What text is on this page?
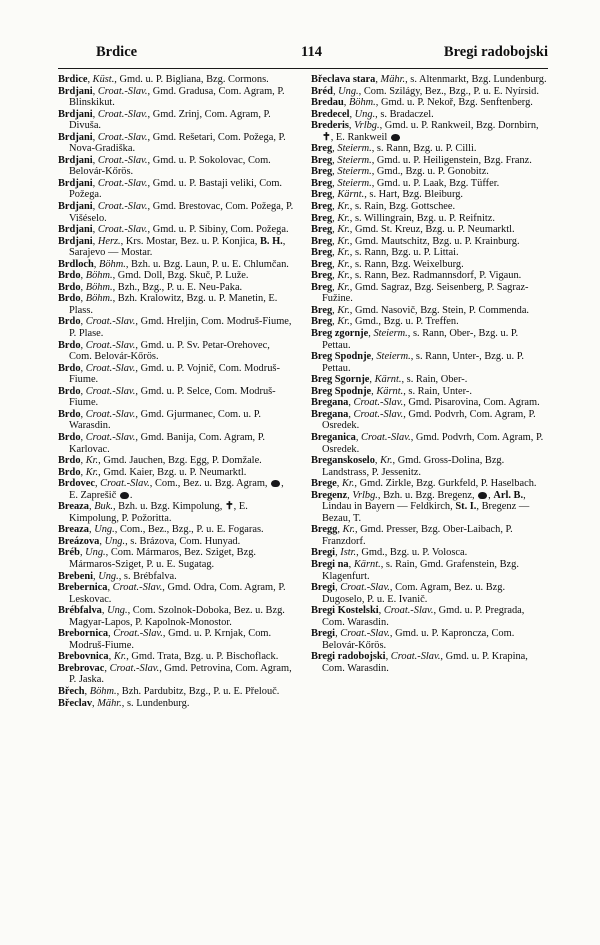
Brdice	114	Bregi radobojski

Brdice, Küst., Gmd. u. P. Bigliana, Bzg. Cormons.

Brdjani, Croat.-Slav., Gmd. Gradusa, Com. Agram, P. Blinskikut.

Brdjani, Croat.-Slav., Gmd. Zrinj, Com. Agram, P. Divuša.

Brdjani, Croat.-Slav., Gmd. Rešetari, Com. Požega, P. Nova-Gradiška.

Brdjani, Croat.-Slav., Gmd. u. P. Sokolovac, Com. Belovár-Kőrös.

Brdjani, Croat.-Slav., Gmd. u. P. Bastaji veliki, Com. Požega.

Brdjani, Croat.-Slav., Gmd. Brestovac, Com. Požega, P. Višéselo.

Brdjani, Croat.-Slav., Gmd. u. P. Sibiny, Com. Požega.

Brdjani, Herz., Krs. Mostar, Bez. u. P. Konjica, B. H., Sarajevo — Mostar.

Brdloch, Böhm., Bzh. u. Bzg. Laun, P. u. E. Chlumčan.

Brdo, Böhm., Gmd. Doll, Bzg. Skuč, P. Luže.

Brdo, Böhm., Bzh., Bzg., P. u. E. Neu-Paka.

Brdo, Böhm., Bzh. Kralowitz, Bzg. u. P. Manetin, E. Plass.

Brdo, Croat.-Slav., Gmd. Hreljin, Com. Modruš-Fiume, P. Plase.

Brdo, Croat.-Slav., Gmd. u. P. Sv. Petar-Orehovec, Com. Belovár-Kőrös.

Brdo, Croat.-Slav., Gmd. u. P. Vojnič, Com. Modruš-Fiume.

Brdo, Croat.-Slav., Gmd. u. P. Selce, Com. Modruš-Fiume.

Brdo, Croat.-Slav., Gmd. Gjurmanec, Com. u. P. Warasdin.

Brdo, Croat.-Slav., Gmd. Banija, Com. Agram, P. Karlovac.

Brdo, Kr., Gmd. Jauchen, Bzg. Egg, P. Domžale.

Brdo, Kr., Gmd. Kaier, Bzg. u. P. Neumarktl.

Brdovec, Croat.-Slav., Com., Bez. u. Bzg. Agram, , E. Zaprešič .

Breaza, Buk., Bzh. u. Bzg. Kimpolung, ✝, E. Kimpolung, P. Požoritta.

Breaza, Ung., Com., Bez., Bzg., P. u. E. Fogaras.

Breázova, Ung., s. Brázova, Com. Hunyad.

Bréb, Ung., Com. Mármaros, Bez. Sziget, Bzg. Mármaros-Sziget, P. u. E. Sugatag.

Brebeni, Ung., s. Brébfalva.

Brebernica, Croat.-Slav., Gmd. Odra, Com. Agram, P. Leskovac.

Brébfalva, Ung., Com. Szolnok-Doboka, Bez. u. Bzg. Magyar-Lapos, P. Kapolnok-Monostor.

Brebornica, Croat.-Slav., Gmd. u. P. Krnjak, Com. Modruš-Fiume.

Brebovnica, Kr., Gmd. Trata, Bzg. u. P. Bischoflack.

Brebrovac, Croat.-Slav., Gmd. Petrovina, Com. Agram, P. Jaska.

Břech, Böhm., Bzh. Pardubitz, Bzg., P. u. E. Přelouč.

Břeclav, Mähr., s. Lundenburg.

Břeclava stara, Mähr., s. Altenmarkt, Bzg. Lundenburg.

Bréd, Ung., Com. Szilágy, Bez., Bzg., P. u. E. Nyírsid.

Bredau, Böhm., Gmd. u. P. Nekoř, Bzg. Senftenberg.

Bredecel, Ung., s. Bradaczel.

Brederis, Vrlbg., Gmd. u. P. Rankweil, Bzg. Dornbirn, ✝, E. Rankweil

Breg, Steierm., s. Rann, Bzg. u. P. Cilli.

Breg, Steierm., Gmd. u. P. Heiligenstein, Bzg. Franz.

Breg, Steierm., Gmd., Bzg. u. P. Gonobitz.

Breg, Steierm., Gmd. u. P. Laak, Bzg. Tüffer.

Breg, Kärnt., s. Hart, Bzg. Bleiburg.

Breg, Kr., s. Rain, Bzg. Gottschee.

Breg, Kr., s. Willingrain, Bzg. u. P. Reifnitz.

Breg, Kr., Gmd. St. Kreuz, Bzg. u. P. Neumarktl.

Breg, Kr., Gmd. Mautschitz, Bzg. u. P. Krainburg.

Breg, Kr., s. Rann, Bzg. u. P. Littai.

Breg, Kr., s. Rann, Bzg. Weixelburg.

Breg, Kr., s. Rann, Bez. Radmannsdorf, P. Vigaun.

Breg, Kr., Gmd. Sagraz, Bzg. Seisenberg, P. Sagraz-Fužine.

Breg, Kr., Gmd. Nasovič, Bzg. Stein, P. Commenda.

Breg, Kr., Gmd., Bzg. u. P. Treffen.

Breg zgornje, Steierm., s. Rann, Ober-, Bzg. u. P. Pettau.

Breg Spodnje, Steierm., s. Rann, Unter-, Bzg. u. P. Pettau.

Breg Sgornje, Kärnt., s. Rain, Ober-.

Breg Spodnje, Kärnt., s. Rain, Unter-.

Bregana, Croat.-Slav., Gmd. Pisarovina, Com. Agram.

Bregana, Croat.-Slav., Gmd. Podvrh, Com. Agram, P. Osredek.

Breganica, Croat.-Slav., Gmd. Podvrh, Com. Agram, P. Osredek.

Breganskoselo, Kr., Gmd. Gross-Dolina, Bzg. Landstrass, P. Jessenitz.

Brege, Kr., Gmd. Zirkle, Bzg. Gurkfeld, P. Haselbach.

Bregenz, Vrlbg., Bzh. u. Bzg. Bregenz, , Arl. B., Lindau in Bayern — Feldkirch, St. I., Bregenz — Bezau, T.

Bregg, Kr., Gmd. Presser, Bzg. Ober-Laibach, P. Franzdorf.

Bregi, Istr., Gmd., Bzg. u. P. Volosca.

Bregi na, Kärnt., s. Rain, Gmd. Grafenstein, Bzg. Klagenfurt.

Bregi, Croat.-Slav., Com. Agram, Bez. u. Bzg. Dugoselo, P. u. E. Ivanič.

Bregi Kostelski, Croat.-Slav., Gmd. u. P. Pregrada, Com. Warasdin.

Bregi, Croat.-Slav., Gmd. u. P. Kaproncza, Com. Belovár-Kőrös.

Bregi radobojski, Croat.-Slav., Gmd. u. P. Krapina, Com. Warasdin.
